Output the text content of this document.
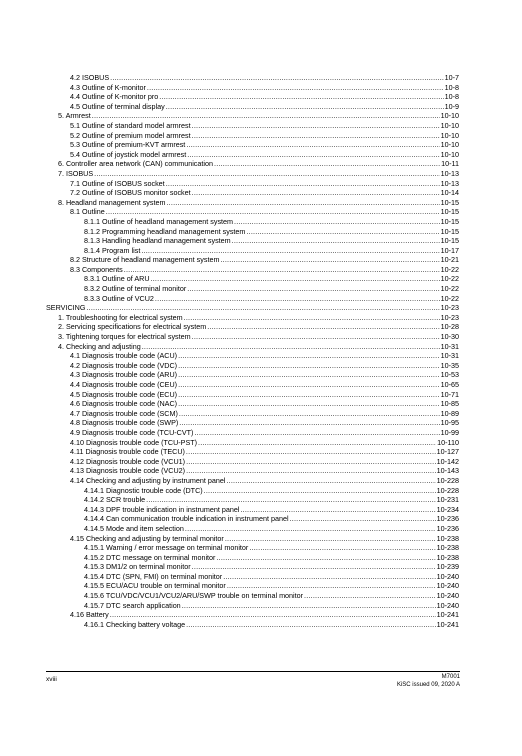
4.2 ISOBUS .....	10-7
4.3 Outline of K-monitor .....	10-8
4.4 Outline of K-monitor pro .....	10-8
4.5 Outline of terminal display .....	10-9
5. Armrest .....	10-10
5.1 Outline of standard model armrest .....	10-10
5.2 Outline of premium model armrest .....	10-10
5.3 Outline of premium-KVT armrest .....	10-10
5.4 Outline of joystick model armrest .....	10-10
6. Controller area network (CAN) communication .....	10-11
7. ISOBUS .....	10-13
7.1 Outline of ISOBUS socket .....	10-13
7.2 Outline of ISOBUS monitor socket .....	10-14
8. Headland management system .....	10-15
8.1 Outline .....	10-15
8.1.1 Outline of headland management system .....	10-15
8.1.2 Programming headland management system .....	10-15
8.1.3 Handling headland management system .....	10-15
8.1.4 Program list .....	10-17
8.2 Structure of headland management system .....	10-21
8.3 Components .....	10-22
8.3.1 Outline of ARU .....	10-22
8.3.2 Outline of terminal monitor .....	10-22
8.3.3 Outline of VCU2 .....	10-22
SERVICING .....	10-23
1. Troubleshooting for electrical system .....	10-23
2. Servicing specifications for electrical system .....	10-28
3. Tightening torques for electrical system .....	10-30
4. Checking and adjusting .....	10-31
4.1 Diagnosis trouble code (ACU) .....	10-31
4.2 Diagnosis trouble code (VDC) .....	10-35
4.3 Diagnosis trouble code (ARU) .....	10-53
4.4 Diagnosis trouble code (CEU) .....	10-65
4.5 Diagnosis trouble code (ECU) .....	10-71
4.6 Diagnosis trouble code (NAC) .....	10-85
4.7 Diagnosis trouble code (SCM) .....	10-89
4.8 Diagnosis trouble code (SWP) .....	10-95
4.9 Diagnosis trouble code (TCU-CVT) .....	10-99
4.10 Diagnosis trouble code (TCU-PST) .....	10-110
4.11 Diagnosis trouble code (TECU) .....	10-127
4.12 Diagnosis trouble code (VCU1) .....	10-142
4.13 Diagnosis trouble code (VCU2) .....	10-143
4.14 Checking and adjusting by instrument panel .....	10-228
4.14.1 Diagnostic trouble code (DTC) .....	10-228
4.14.2 SCR trouble .....	10-231
4.14.3 DPF trouble indication in instrument panel .....	10-234
4.14.4 Can communication trouble indication in instrument panel .....	10-236
4.14.5 Mode and item selection .....	10-236
4.15 Checking and adjusting by terminal monitor .....	10-238
4.15.1 Warning / error message on terminal monitor .....	10-238
4.15.2 DTC message on terminal monitor .....	10-238
4.15.3 DM1/2 on terminal monitor .....	10-239
4.15.4 DTC (SPN, FMI) on terminal monitor .....	10-240
4.15.5 ECU/ACU trouble on terminal monitor .....	10-240
4.15.6 TCU/VDC/VCU1/VCU2/ARU/SWP trouble on terminal monitor .....	10-240
4.15.7 DTC search application .....	10-240
4.16 Battery .....	10-241
4.16.1 Checking battery voltage .....	10-241
xviii	M7001
KiSC issued 09, 2020 A
